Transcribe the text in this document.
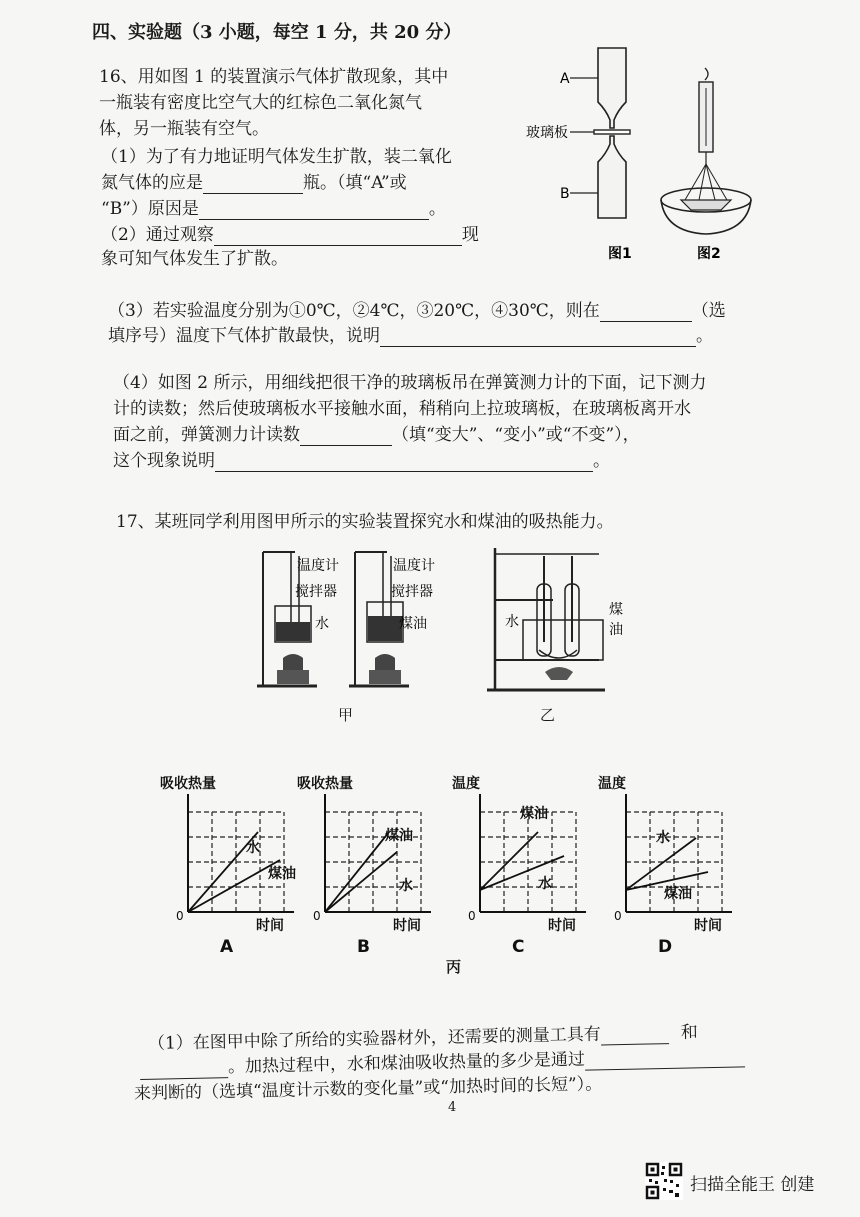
四、实验题（3 小题，每空 1 分，共 20 分）
16、用如图 1 的装置演示气体扩散现象，其中
一瓶装有密度比空气大的红棕色二氧化氮气
体，另一瓶装有空气。
（1）为了有力地证明气体发生扩散，装二氧化
氮气体的应是	瓶。（填“A”或
“B”）原因是	。
（2）通过观察	现
象可知气体发生了扩散。
（3）若实验温度分别为①0℃，②4℃，③20℃，④30℃，则在	（选
填序号）温度下气体扩散最快，说明	。
（4）如图 2 所示，用细线把很干净的玻璃板吊在弹簧测力计的下面，记下测力
计的读数；然后使玻璃板水平接触水面，稍稍向上拉玻璃板，在玻璃板离开水
面之前，弹簧测力计读数	（填“变大”、“变小”或“不变”），
这个现象说明	。
A
B
玻璃板
图1	图2
17、某班同学利用图甲所示的实验装置探究水和煤油的吸热能力。
温度计
搅拌器
水
温度计
搅拌器
煤油
甲
水
煤
油
乙
吸收热量
时间
0
水
煤油
A
吸收热量
时间
0
煤油
水
B
温度
时间
0
煤油
水
C
温度
时间
0
水
煤油
D
丙
（1）在图甲中除了所给的实验器材外，还需要的测量工具有	和
。加热过程中，水和煤油吸收热量的多少是通过
来判断的（选填“温度计示数的变化量”或“加热时间的长短”）。
4
扫描全能王 创建
